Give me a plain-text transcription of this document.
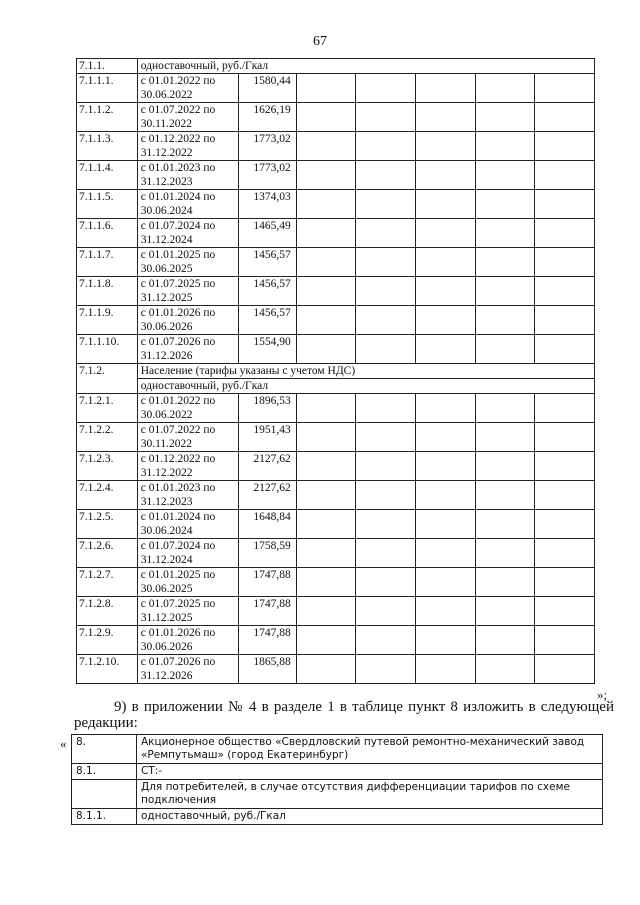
67
7.1.1.	одноставочный, руб./Гкал						
7.1.1.1.	с 01.01.2022 по 30.06.2022	1580,44					
7.1.1.2.	с 01.07.2022 по 30.11.2022	1626,19					
7.1.1.3.	с 01.12.2022 по 31.12.2022	1773,02					
7.1.1.4.	с 01.01.2023 по 31.12.2023	1773,02					
7.1.1.5.	с 01.01.2024 по 30.06.2024	1374,03					
7.1.1.6.	с 01.07.2024 по 31.12.2024	1465,49					
7.1.1.7.	с 01.01.2025 по 30.06.2025	1456,57					
7.1.1.8.	с 01.07.2025 по 31.12.2025	1456,57					
7.1.1.9.	с 01.01.2026 по 30.06.2026	1456,57					
7.1.1.10.	с 01.07.2026 по 31.12.2026	1554,90					
7.1.2.	Население (тарифы указаны с учетом НДС)						
	одноставочный, руб./Гкал						
7.1.2.1.	с 01.01.2022 по 30.06.2022	1896,53					
7.1.2.2.	с 01.07.2022 по 30.11.2022	1951,43					
7.1.2.3.	с 01.12.2022 по 31.12.2022	2127,62					
7.1.2.4.	с 01.01.2023 по 31.12.2023	2127,62					
7.1.2.5.	с 01.01.2024 по 30.06.2024	1648,84					
7.1.2.6.	с 01.07.2024 по 31.12.2024	1758,59					
7.1.2.7.	с 01.01.2025 по 30.06.2025	1747,88					
7.1.2.8.	с 01.07.2025 по 31.12.2025	1747,88					
7.1.2.9.	с 01.01.2026 по 30.06.2026	1747,88					
7.1.2.10.	с 01.07.2026 по 31.12.2026	1865,88					
»;
9) в приложении № 4 в разделе 1 в таблице пункт 8 изложить в следующей редакции:
« 8.	Акционерное общество «Свердловский путевой ремонтно-механический завод «Ремпутьмаш» (город Екатеринбург)
8.1.	СТ:-
	Для потребителей, в случае отсутствия дифференциации тарифов по схеме подключения
8.1.1.	одноставочный, руб./Гкал
